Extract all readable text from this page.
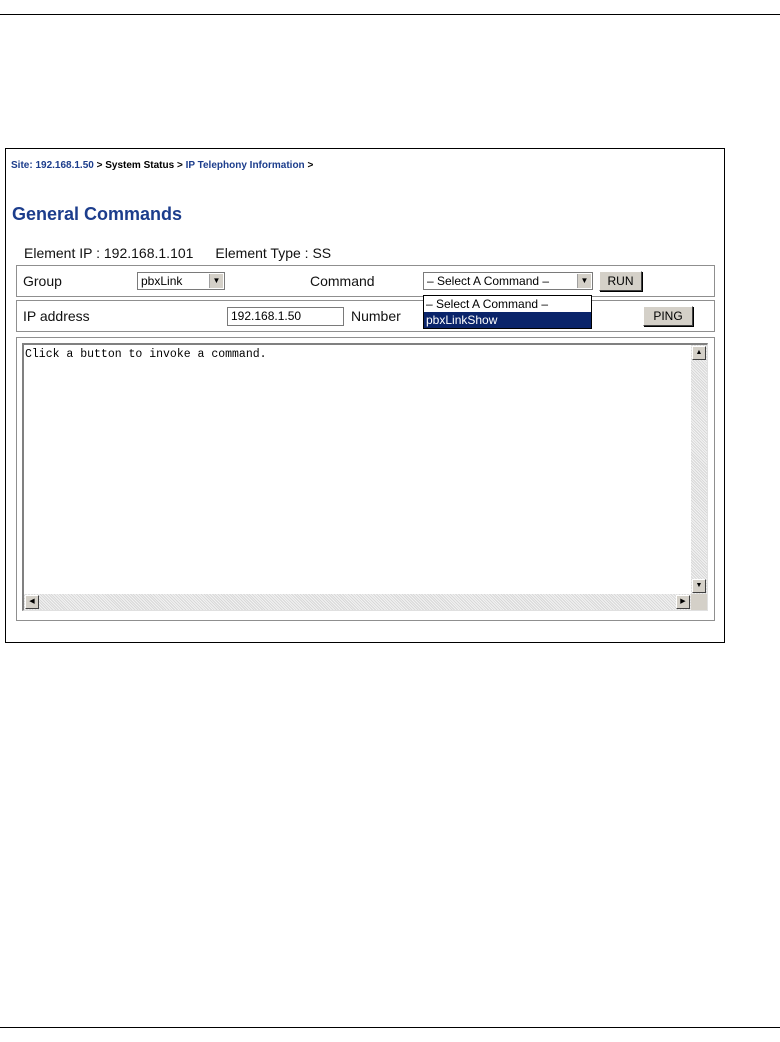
Site: 192.168.1.50 > System Status > IP Telephony Information >
General Commands
Element IP : 192.168.1.101 Element Type : SS
Group	pbxLink	▼	Command	– Select A Command –	▼	RUN
IP address	192.168.1.50	Number	PING
– Select A Command –
pbxLinkShow
Click a button to invoke a command.	▲
▼
◀	▶
